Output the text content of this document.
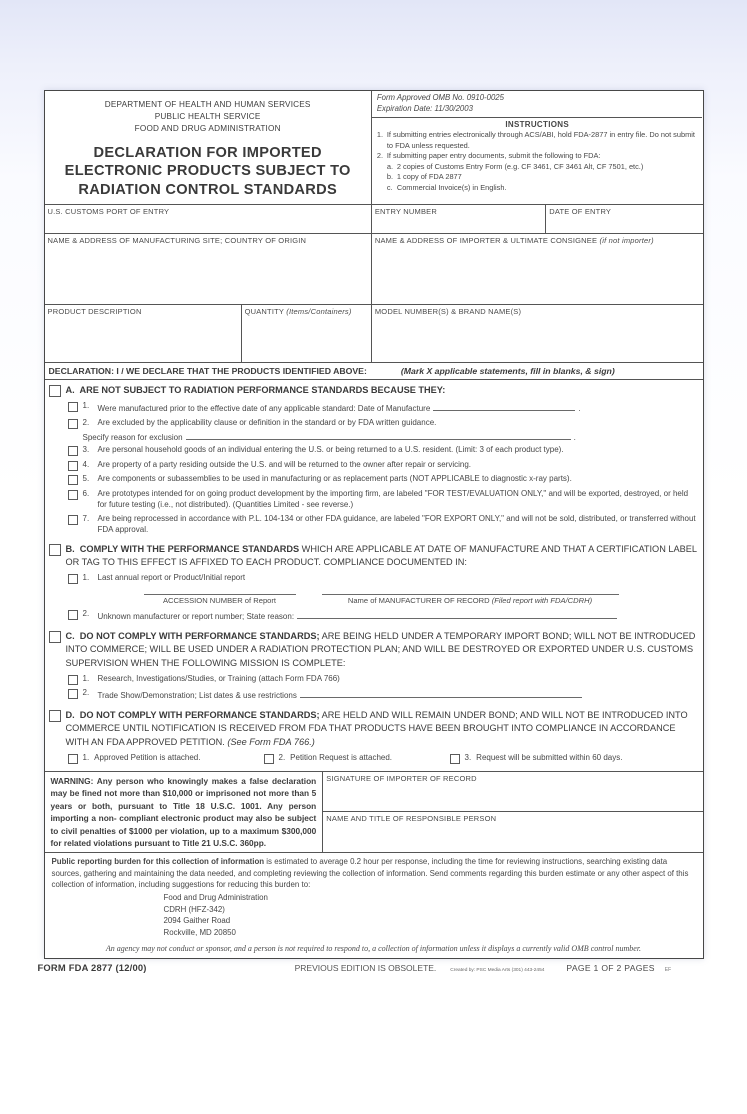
DEPARTMENT OF HEALTH AND HUMAN SERVICES
PUBLIC HEALTH SERVICE
FOOD AND DRUG ADMINISTRATION
DECLARATION FOR IMPORTED
ELECTRONIC PRODUCTS SUBJECT TO
RADIATION CONTROL STANDARDS
Form Approved OMB No. 0910-0025
Expiration Date: 11/30/2003
INSTRUCTIONS
1. If submitting entries electronically through ACS/ABI, hold FDA-2877 in entry file. Do not submit to FDA unless requested.
2. If submitting paper entry documents, submit the following to FDA:
a. 2 copies of Customs Entry Form (e.g. CF 3461, CF 3461 Alt, CF 7501, etc.)
b. 1 copy of FDA 2877
c. Commercial Invoice(s) in English.
U.S. CUSTOMS PORT OF ENTRY	ENTRY NUMBER	DATE OF ENTRY
NAME & ADDRESS OF MANUFACTURING SITE; COUNTRY OF ORIGIN	NAME & ADDRESS OF IMPORTER & ULTIMATE CONSIGNEE (if not importer)
PRODUCT DESCRIPTION	QUANTITY (Items/Containers)	MODEL NUMBER(S) & BRAND NAME(S)
DECLARATION: I / WE DECLARE THAT THE PRODUCTS IDENTIFIED ABOVE:	(Mark X applicable statements, fill in blanks, & sign)
A. ARE NOT SUBJECT TO RADIATION PERFORMANCE STANDARDS BECAUSE THEY:
1.	Were manufactured prior to the effective date of any applicable standard: Date of Manufacture	.
2.	Are excluded by the applicability clause or definition in the standard or by FDA written guidance.
Specify reason for exclusion	.
3.	Are personal household goods of an individual entering the U.S. or being returned to a U.S. resident. (Limit: 3 of each product type).
4.	Are property of a party residing outside the U.S. and will be returned to the owner after repair or servicing.
5.	Are components or subassemblies to be used in manufacturing or as replacement parts (NOT APPLICABLE to diagnostic x-ray parts).
6.	Are prototypes intended for on going product development by the importing firm, are labeled "FOR TEST/EVALUATION ONLY," and will be exported, destroyed, or held for future testing (i.e., not distributed). (Quantities Limited - see reverse.)
7.	Are being reprocessed in accordance with P.L. 104-134 or other FDA guidance, are labeled "FOR EXPORT ONLY," and will not be sold, distributed, or transferred without FDA approval.
B. COMPLY WITH THE PERFORMANCE STANDARDS WHICH ARE APPLICABLE AT DATE OF MANUFACTURE AND THAT A CERTIFICATION LABEL OR TAG TO THIS EFFECT IS AFFIXED TO EACH PRODUCT. COMPLIANCE DOCUMENTED IN:
1.	Last annual report or Product/Initial report
ACCESSION NUMBER of Report	Name of MANUFACTURER OF RECORD (Filed report with FDA/CDRH)
2.	Unknown manufacturer or report number; State reason:
C. DO NOT COMPLY WITH PERFORMANCE STANDARDS; ARE BEING HELD UNDER A TEMPORARY IMPORT BOND; WILL NOT BE INTRODUCED INTO COMMERCE; WILL BE USED UNDER A RADIATION PROTECTION PLAN; AND WILL BE DESTROYED OR EXPORTED UNDER U.S. CUSTOMS SUPERVISION WHEN THE FOLLOWING MISSION IS COMPLETE:
1.	Research, Investigations/Studies, or Training (attach Form FDA 766)
2.	Trade Show/Demonstration; List dates & use restrictions
D. DO NOT COMPLY WITH PERFORMANCE STANDARDS; ARE HELD AND WILL REMAIN UNDER BOND; AND WILL NOT BE INTRODUCED INTO COMMERCE UNTIL NOTIFICATION IS RECEIVED FROM FDA THAT PRODUCTS HAVE BEEN BROUGHT INTO COMPLIANCE IN ACCORDANCE WITH AN FDA APPROVED PETITION. (See Form FDA 766.)
1. Approved Petition is attached.	2. Petition Request is attached.	3. Request will be submitted within 60 days.
WARNING: Any person who knowingly makes a false declaration may be fined not more than $10,000 or imprisoned not more than 5 years or both, pursuant to Title 18 U.S.C. 1001. Any person importing a non- compliant electronic product may also be subject to civil penalties of $1000 per violation, up to a maximum $300,000 for related violations pursuant to Title 21 U.S.C. 360pp.
SIGNATURE OF IMPORTER OF RECORD
NAME AND TITLE OF RESPONSIBLE PERSON
Public reporting burden for this collection of information is estimated to average 0.2 hour per response, including the time for reviewing instructions, searching existing data sources, gathering and maintaining the data needed, and completing reviewing the collection of information. Send comments regarding this burden estimate or any other aspect of this collection of information, including suggestions for reducing this burden to:
Food and Drug Administration
CDRH (HFZ-342)
2094 Gaither Road
Rockville, MD 20850
An agency may not conduct or sponsor, and a person is not required to respond to, a collection of information unless it displays a currently valid OMB control number.
FORM FDA 2877 (12/00)	PREVIOUS EDITION IS OBSOLETE.	Created by: PSC Media Arts (301) 443-2454	PAGE 1 OF 2 PAGES EF
